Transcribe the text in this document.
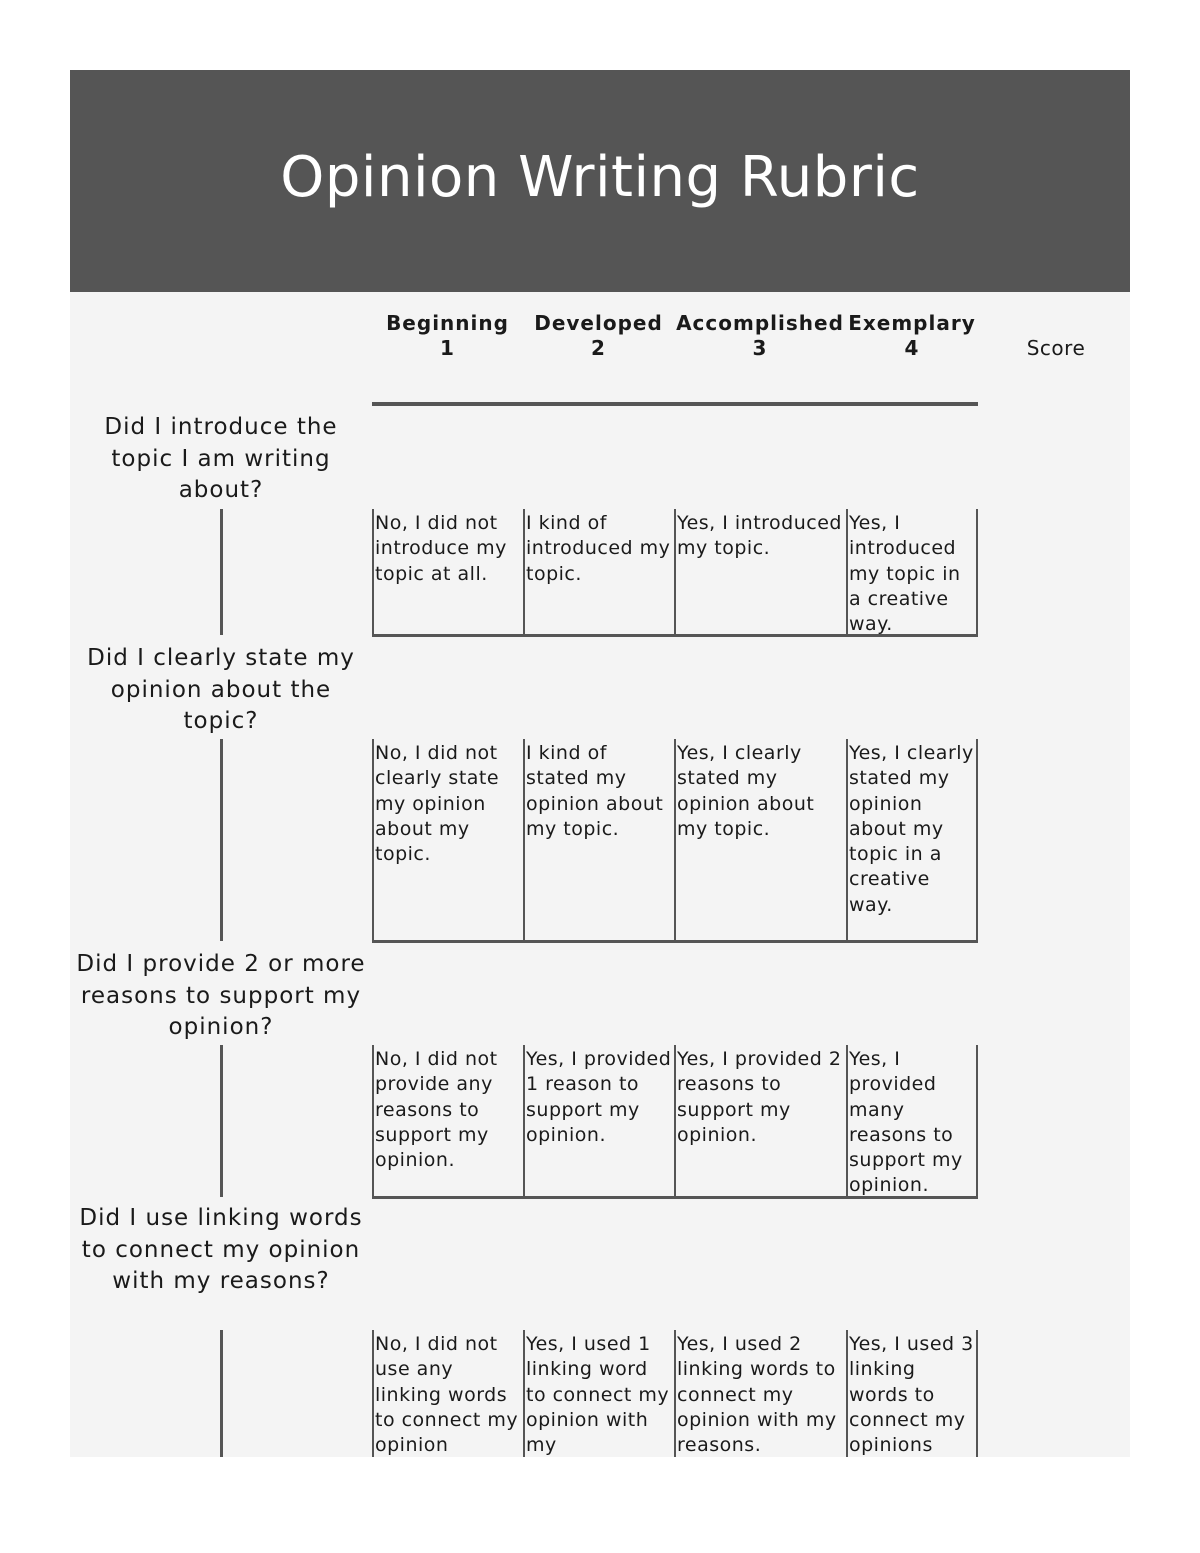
Opinion Writing Rubric
Beginning
1
Developed
2
Accomplished
3
Exemplary
4	Score
Did I introduce the topic I am writing about?
No, I did not introduce my topic at all.
I kind of introduced my topic.
Yes, I introduced my topic.
Yes, I introduced my topic in a creative way.
Did I clearly state my opinion about the topic?
No, I did not clearly state my opinion about my topic.
I kind of stated my opinion about my topic.
Yes, I clearly stated my opinion about my topic.
Yes, I clearly stated my opinion about my topic in a creative way.
Did I provide 2 or more reasons to support my opinion?
No, I did not provide any reasons to support my opinion.
Yes, I provided 1 reason to support my opinion.
Yes, I provided 2 reasons to support my opinion.
Yes, I provided many reasons to support my opinion.
Did I use linking words to connect my opinion with my reasons?
No, I did not use any linking words to connect my opinion
Yes, I used 1 linking word to connect my opinion with my
Yes, I used 2 linking words to connect my opinion with my reasons.
Yes, I used 3 linking words to connect my opinions
